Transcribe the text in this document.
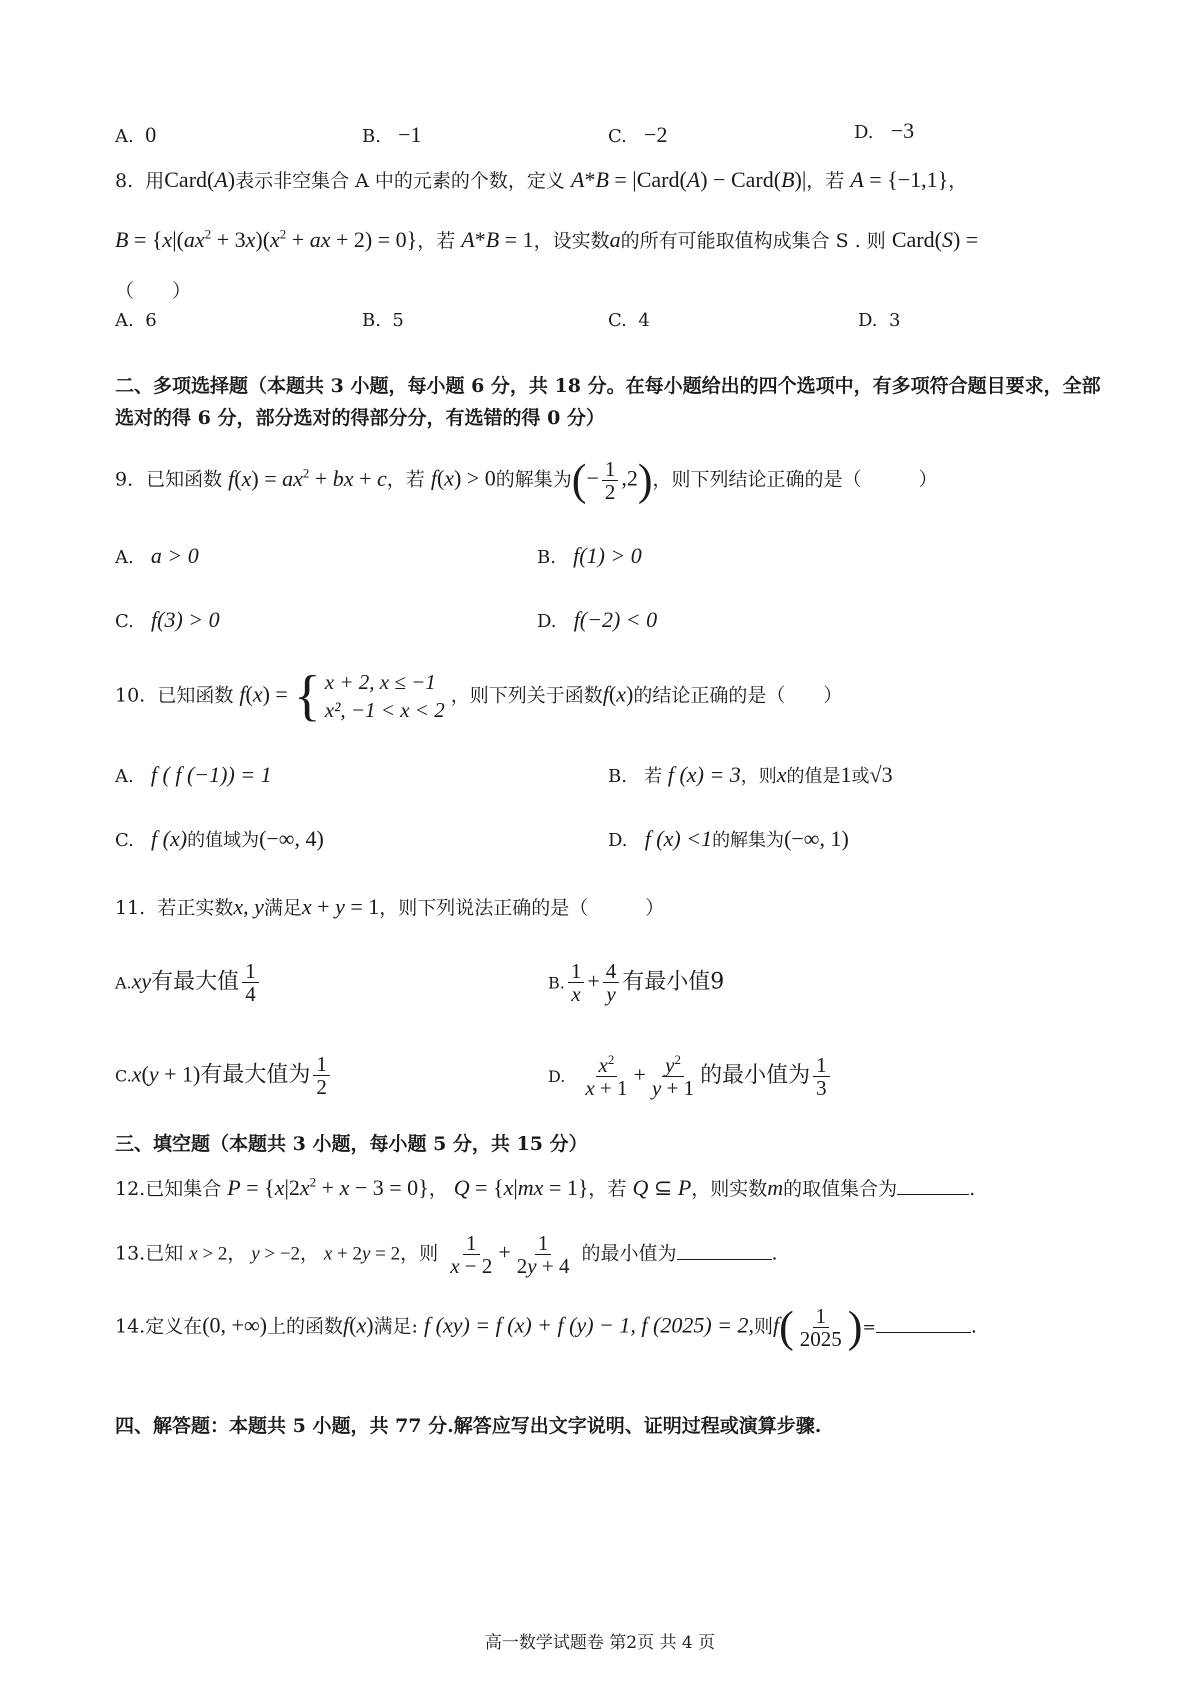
A. 0	B. −1	C. −2	D. −3
8. 用Card(A)表示非空集合 A 中的元素的个数，定义 A*B = |Card(A) − Card(B)|，若 A = {−1,1}，
$B = \{x|(ax^2 + 3x)(x^2$ + ax + 2) = 0}，若 A*B = 1，设实数a的所有可能取值构成集合 S . 则 Card(S) =
（　　）
A. 6	B. 5	C. 4	D. 3
二、多项选择题（本题共 3 小题，每小题 6 分，共 18 分。在每小题给出的四个选项中，有多项符合题目要求，全部选对的得 6 分，部分选对的得部分分，有选错的得 0 分）
9．已知函数 $f(x) = ax^2$ + bx + c，若 f(x) > 0的解集为(− $\frac{1}{2} ,2$)，则下列结论正确的是（　　　）
A. a > 0	B. f(1) > 0
C. f(3) > 0	D. f(−2) < 0
10. 已知函数 f(x) = { x + 2, x ≤ −1
x², −1 < x < 2
，则下列关于函数f(x)的结论正确的是（　　）
A. f ( f (−1)) = 1	B. 若 f (x) = 3，则x的值是1或√3
C. f (x)的值域为(−∞, 4)	D. f (x) <1的解集为(−∞, 1)
11. 若正实数x, y满足x + y = 1，则下列说法正确的是（　　　）
A.xy有最大值 $\frac{1}{4}$	B. $\frac{1}{x} + \frac{4}{y}$ 有最小值9
C.x(y + 1)有最大值为 $\frac{1}{2}$	D. $\frac{x^2}{x + 1} + \frac{y^2}{y + 1}$ 的最小值为 $\frac{1}{3}$
三、填空题（本题共 3 小题，每小题 5 分，共 15 分）
12.已知集合 $P = \{x|2x^2 + x - 3 = 0\}$， Q = {x|mx = 1}，若 Q ⊆ P，则实数m的取值集合为	.
13.已知 x > 2， y > −2， x + 2y = 2，则 $\frac{1}{x - 2} + \frac{1}{2y + 4}$ 的最小值为	.
14.定义在(0, +∞)上的函数f(x)满足: f (xy) = f (x) + f (y) − 1, f (2025) = 2,则$f( \frac{1}{2025}$ )=	.
四、解答题：本题共 5 小题，共 77 分.解答应写出文字说明、证明过程或演算步骤.
高一数学试题卷 第2页 共 4 页
